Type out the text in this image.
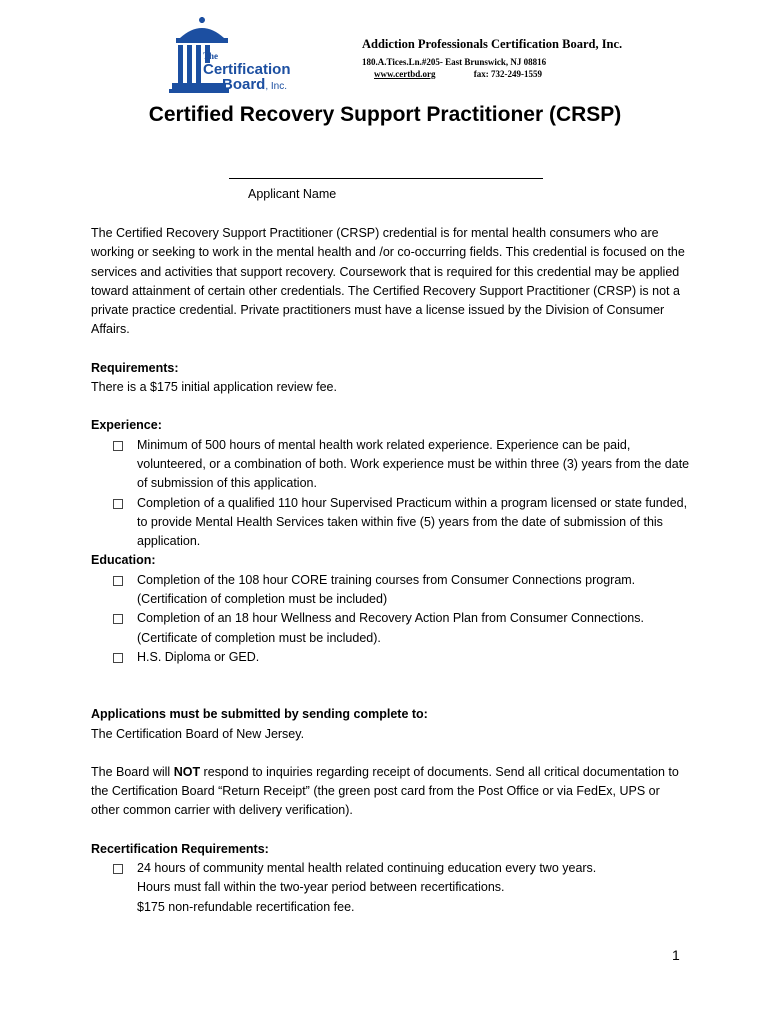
The
Certification
Board, Inc.
Addiction Professionals Certification Board, Inc.
180.A.Tices.Ln.#205- East Brunswick, NJ 08816
www.certbd.org	fax: 732-249-1559
Certified Recovery Support Practitioner (CRSP)
Applicant Name

The Certified Recovery Support Practitioner (CRSP) credential is for mental health consumers who are working or seeking to work in the mental health and /or co-occurring fields. This credential is focused on the services and activities that support recovery. Coursework that is required for this credential may be applied toward attainment of certain other credentials. The Certified Recovery Support Practitioner (CRSP) is not a private practice credential. Private practitioners must have a license issued by the Division of Consumer Affairs.

Requirements:

There is a $175 initial application review fee.

Experience:

Minimum of 500 hours of mental health work related experience. Experience can be paid, volunteered, or a combination of both. Work experience must be within three (3) years from the date of submission of this application.
Completion of a qualified 110 hour Supervised Practicum within a program licensed or state funded, to provide Mental Health Services taken within five (5) years from the date of submission of this application.

Education:

Completion of the 108 hour CORE training courses from Consumer Connections program. (Certification of completion must be included)
Completion of an 18 hour Wellness and Recovery Action Plan from Consumer Connections. (Certificate of completion must be included).
H.S. Diploma or GED.

Applications must be submitted by sending complete to:

The Certification Board of New Jersey.

The Board will NOT respond to inquiries regarding receipt of documents. Send all critical documentation to the Certification Board “Return Receipt” (the green post card from the Post Office or via FedEx, UPS or other common carrier with delivery verification).

Recertification Requirements:

24 hours of community mental health related continuing education every two years.
Hours must fall within the two-year period between recertifications.
$175 non-refundable recertification fee.
1
